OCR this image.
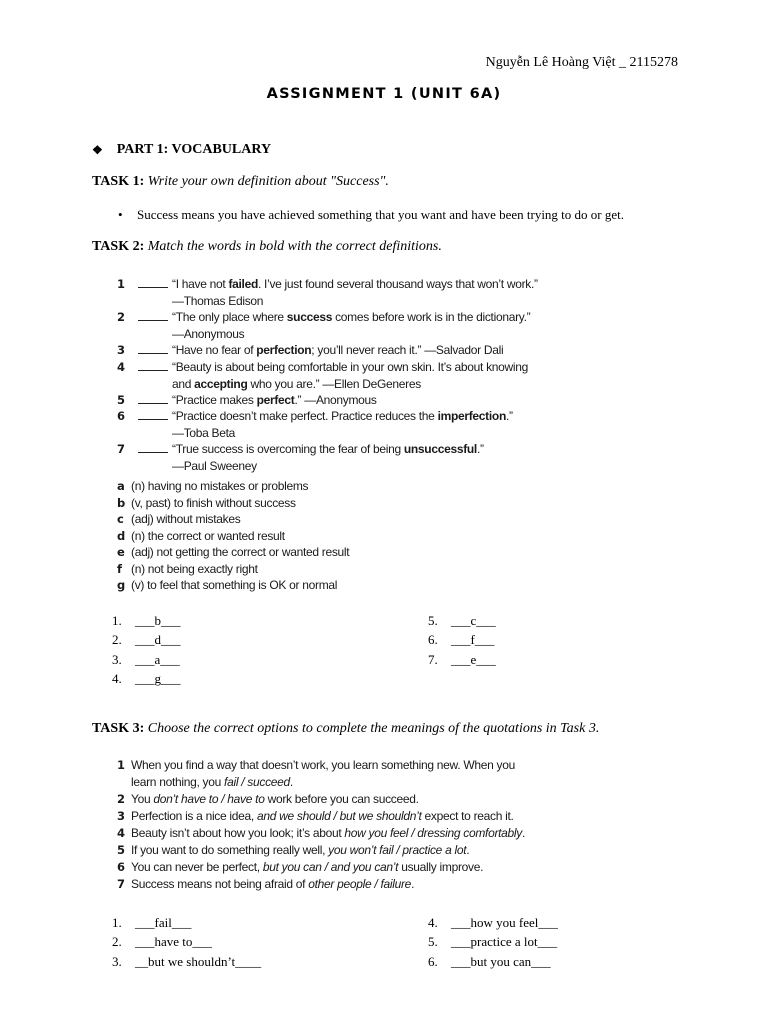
Nguyễn Lê Hoàng Việt _ 2115278
ASSIGNMENT 1 (UNIT 6A)
❖ PART 1: VOCABULARY
TASK 1: Write your own definition about "Success".
•	Success means you have achieved something that you want and have been trying to do or get.
TASK 2: Match the words in bold with the correct definitions.
1	“I have not failed. I’ve just found several thousand ways that won’t work.”
—Thomas Edison
2	“The only place where success comes before work is in the dictionary.”
—Anonymous
3	“Have no fear of perfection; you’ll never reach it.” —Salvador Dali
4	“Beauty is about being comfortable in your own skin. It’s about knowing
and accepting who you are.” —Ellen DeGeneres
5	“Practice makes perfect.” —Anonymous
6	“Practice doesn’t make perfect. Practice reduces the imperfection.”
—Toba Beta
7	“True success is overcoming the fear of being unsuccessful.”
—Paul Sweeney
a (n) having no mistakes or problems
b (v, past) to finish without success
c (adj) without mistakes
d (n) the correct or wanted result
e (adj) not getting the correct or wanted result
f (n) not being exactly right
g (v) to feel that something is OK or normal
1. ___b___
2. ___d___
3. ___a___
4. ___g___
5. ___c___
6. ___f___
7. ___e___
TASK 3: Choose the correct options to complete the meanings of the quotations in Task 3.
1 When you find a way that doesn’t work, you learn something new. When you
learn nothing, you fail / succeed.
2 You don’t have to / have to work before you can succeed.
3 Perfection is a nice idea, and we should / but we shouldn’t expect to reach it.
4 Beauty isn’t about how you look; it’s about how you feel / dressing comfortably.
5 If you want to do something really well, you won’t fail / practice a lot.
6 You can never be perfect, but you can / and you can’t usually improve.
7 Success means not being afraid of other people / failure.
1. ___fail___
2. ___have to___
3. __but we shouldn’t____
4. ___how you feel___
5. ___practice a lot___
6. ___but you can___
